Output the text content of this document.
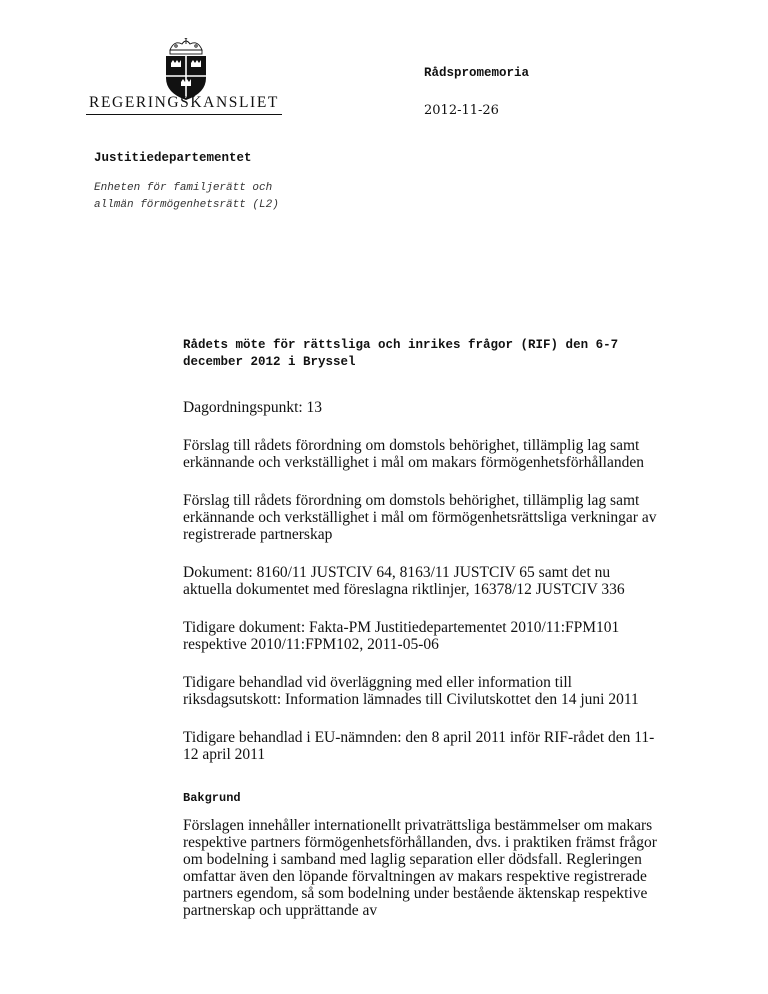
REGERINGSKANSLIET
Rådspromemoria
2012-11-26
Justitiedepartementet
Enheten för familjerätt och allmän förmögenhetsrätt (L2)
Rådets möte för rättsliga och inrikes frågor (RIF) den 6-7 december 2012 i Bryssel

Dagordningspunkt: 13

Förslag till rådets förordning om domstols behörighet, tillämplig lag samt erkännande och verkställighet i mål om makars förmögenhetsförhållanden

Förslag till rådets förordning om domstols behörighet, tillämplig lag samt erkännande och verkställighet i mål om förmögenhetsrättsliga verkningar av registrerade partnerskap

Dokument: 8160/11 JUSTCIV 64, 8163/11 JUSTCIV 65 samt det nu aktuella dokumentet med föreslagna riktlinjer, 16378/12 JUSTCIV 336

Tidigare dokument: Fakta-PM Justitiedepartementet 2010/11:FPM101 respektive 2010/11:FPM102, 2011-05-06

Tidigare behandlad vid överläggning med eller information till riksdagsutskott: Information lämnades till Civilutskottet den 14 juni 2011

Tidigare behandlad i EU-nämnden: den 8 april 2011 inför RIF-rådet den 11-12 april 2011

Bakgrund

Förslagen innehåller internationellt privaträttsliga bestämmelser om makars respektive partners förmögenhetsförhållanden, dvs. i praktiken främst frågor om bodelning i samband med laglig separation eller dödsfall. Regleringen omfattar även den löpande förvaltningen av makars respektive registrerade partners egendom, så som bodelning under bestående äktenskap respektive partnerskap och upprättande av
